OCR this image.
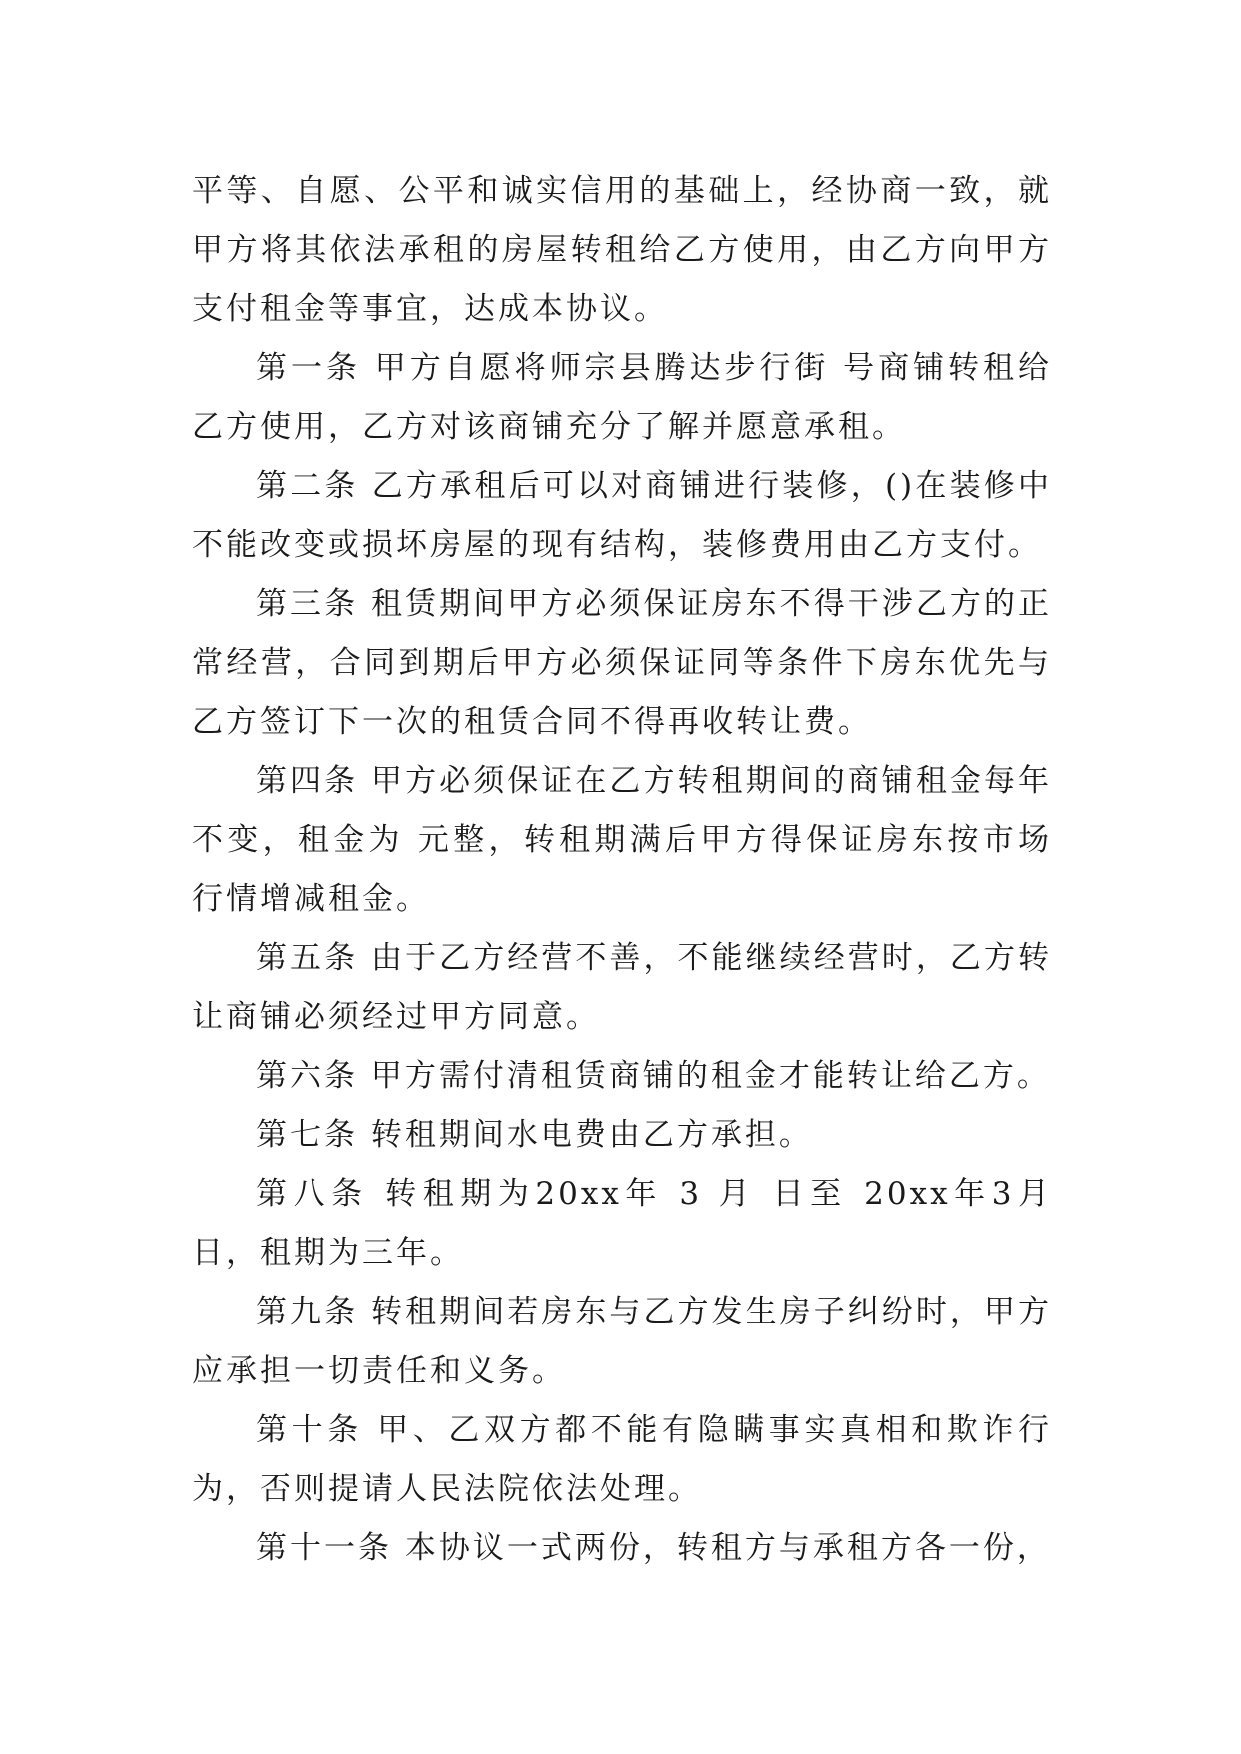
平等、自愿、公平和诚实信用的基础上，经协商一致，就甲方将其依法承租的房屋转租给乙方使用，由乙方向甲方支付租金等事宜，达成本协议。

第一条 甲方自愿将师宗县腾达步行街 号商铺转租给乙方使用，乙方对该商铺充分了解并愿意承租。

第二条 乙方承租后可以对商铺进行装修，()在装修中不能改变或损坏房屋的现有结构，装修费用由乙方支付。

第三条 租赁期间甲方必须保证房东不得干涉乙方的正常经营，合同到期后甲方必须保证同等条件下房东优先与乙方签订下一次的租赁合同不得再收转让费。

第四条 甲方必须保证在乙方转租期间的商铺租金每年不变，租金为 元整，转租期满后甲方得保证房东按市场行情增减租金。

第五条 由于乙方经营不善，不能继续经营时，乙方转让商铺必须经过甲方同意。

第六条 甲方需付清租赁商铺的租金才能转让给乙方。

第七条 转租期间水电费由乙方承担。

第八条 转租期为20xx年 3 月 日至 20xx年3月 日，租期为三年。

第九条 转租期间若房东与乙方发生房子纠纷时，甲方应承担一切责任和义务。

第十条 甲、乙双方都不能有隐瞒事实真相和欺诈行为，否则提请人民法院依法处理。

第十一条 本协议一式两份，转租方与承租方各一份，
